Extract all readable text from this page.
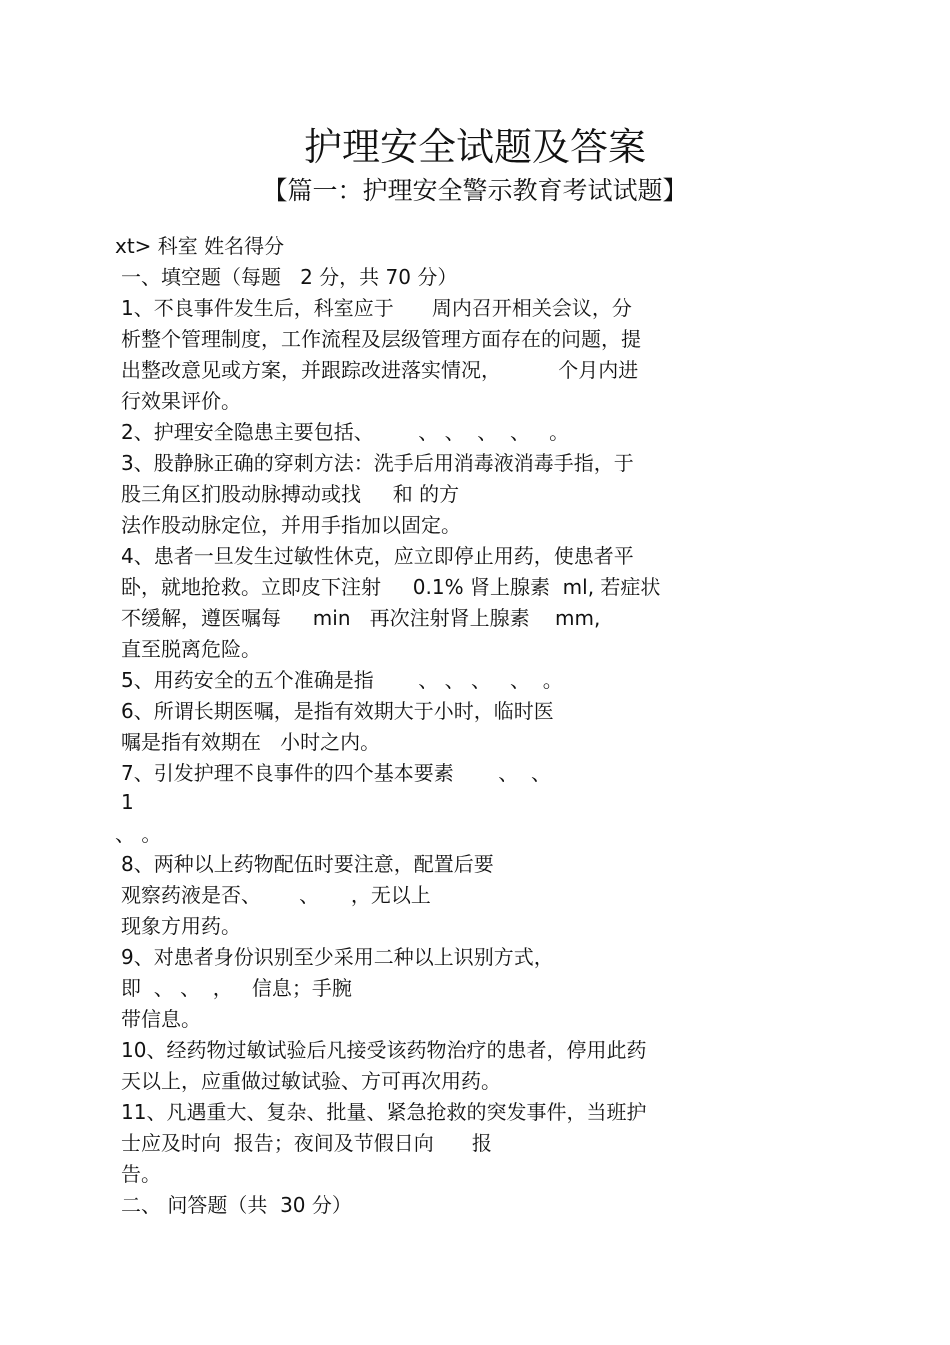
护理安全试题及答案
【篇一：护理安全警示教育考试试题】
xt> 科室 姓名得分
一、填空题（每题   2 分，共 70 分）
1、不良事件发生后，科室应于      周内召开相关会议，分
析整个管理制度，工作流程及层级管理方面存在的问题，提
出整改意见或方案，并跟踪改进落实情况，         个月内进
行效果评价。
2、护理安全隐患主要包括、       、 、  、  、   。
3、股静脉正确的穿刺方法：洗手后用消毒液消毒手指，于
股三角区扪股动脉搏动或找     和 的方
法作股动脉定位，并用手指加以固定。
4、患者一旦发生过敏性休克，应立即停止用药，使患者平
卧，就地抢救。立即皮下注射     0.1% 肾上腺素  ml, 若症状
不缓解，遵医嘱每     min   再次注射肾上腺素    mm,
直至脱离危险。
5、用药安全的五个准确是指       、 、 、   、  。
6、所谓长期医嘱，是指有效期大于小时，临时医
嘱是指有效期在   小时之内。
7、引发护理不良事件的四个基本要素       、  、
1
、 。
8、两种以上药物配伍时要注意，配置后要
观察药液是否、      、     ，无以上
现象方用药。
9、对患者身份识别至少采用二种以上识别方式，
即  、 、  ，   信息；手腕
带信息。
10、经药物过敏试验后凡接受该药物治疗的患者，停用此药
天以上，应重做过敏试验、方可再次用药。
11、凡遇重大、复杂、批量、紧急抢救的突发事件，当班护
士应及时向  报告；夜间及节假日向      报
告。
二、 问答题（共  30 分）
